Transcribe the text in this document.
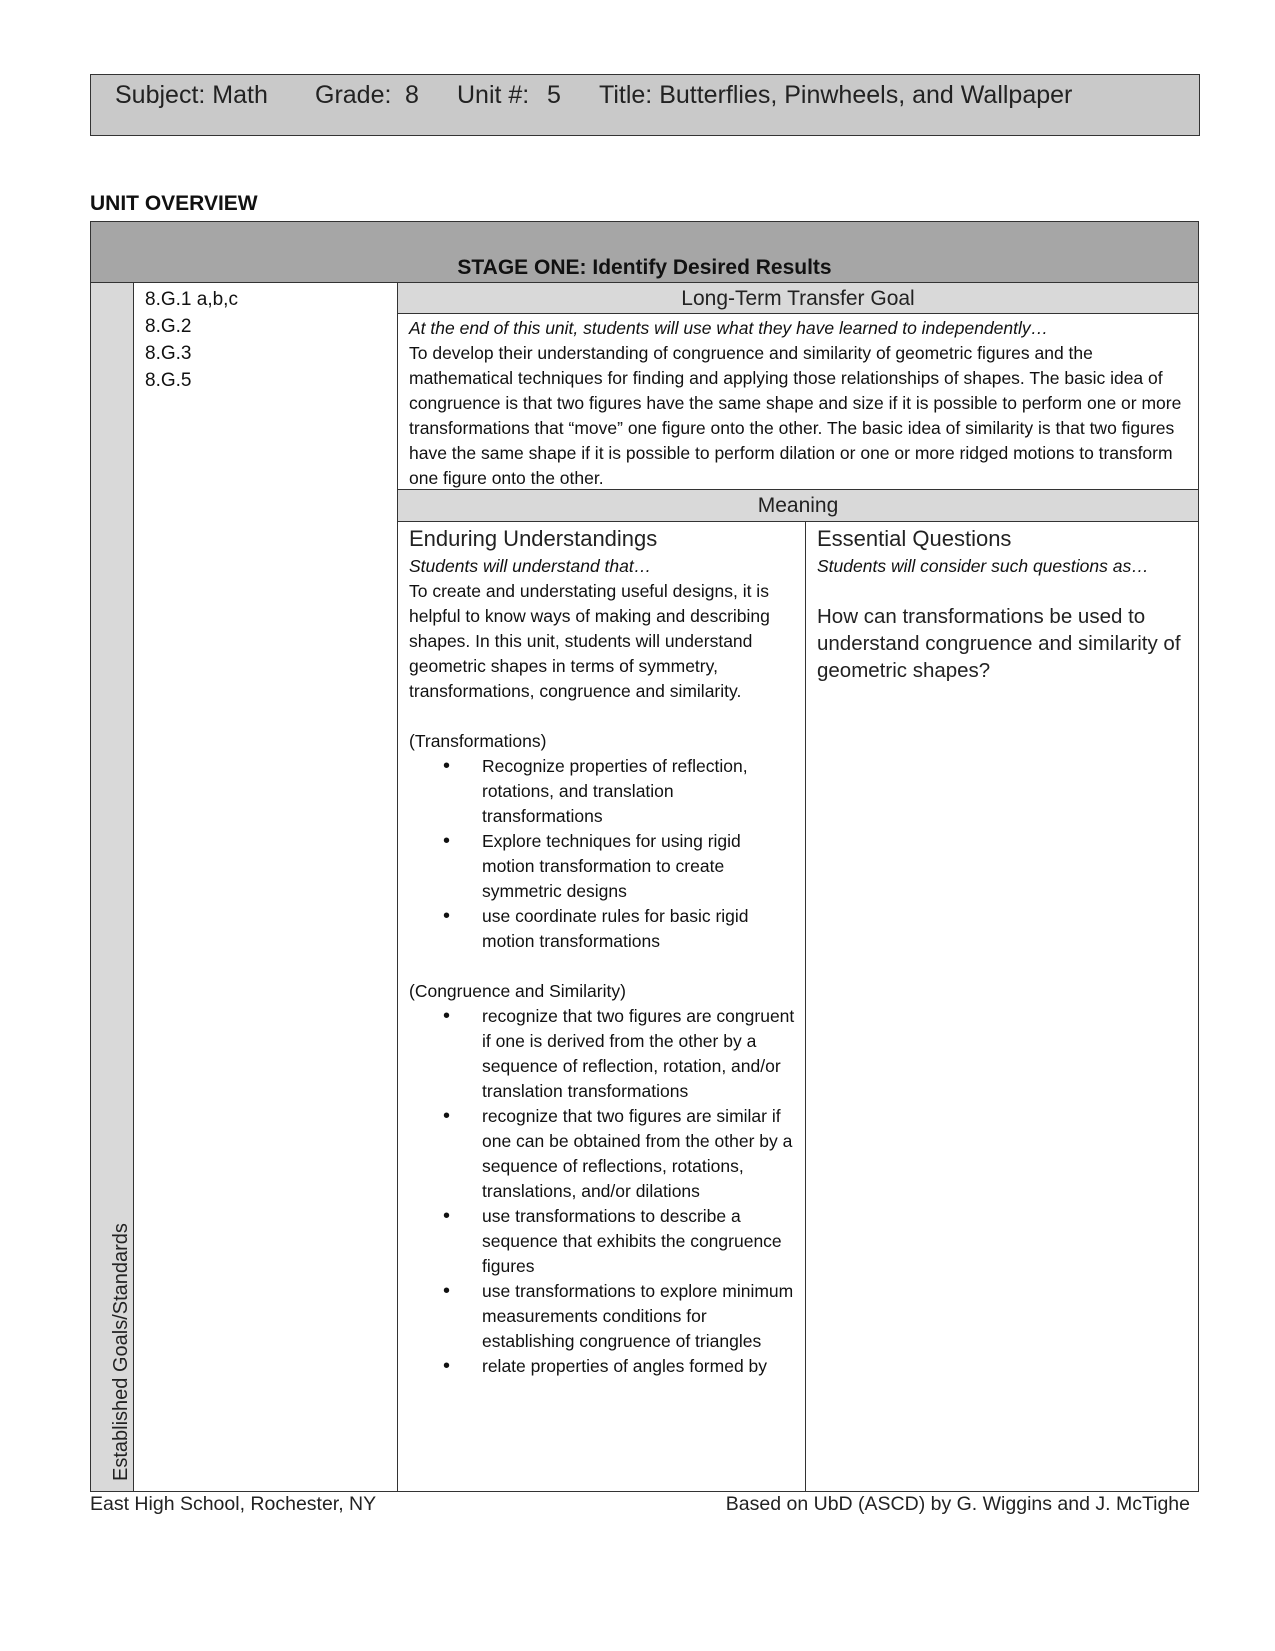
Subject: Math	Grade: 8	Unit #: 5	Title: Butterflies, Pinwheels, and Wallpaper
UNIT OVERVIEW
STAGE ONE: Identify Desired Results
Established Goals/Standards
8.G.1 a,b,c
8.G.2
8.G.3
8.G.5
Long-Term Transfer Goal
At the end of this unit, students will use what they have learned to independently…
To develop their understanding of congruence and similarity of geometric figures and the mathematical techniques for finding and applying those relationships of shapes. The basic idea of congruence is that two figures have the same shape and size if it is possible to perform one or more transformations that “move” one figure onto the other. The basic idea of similarity is that two figures have the same shape if it is possible to perform dilation or one or more ridged motions to transform one figure onto the other.
Meaning
Enduring Understandings
Students will understand that…
To create and understating useful designs, it is helpful to know ways of making and describing shapes. In this unit, students will understand geometric shapes in terms of symmetry, transformations, congruence and similarity.
(Transformations)
• Recognize properties of reflection, rotations, and translation transformations
• Explore techniques for using rigid motion transformation to create symmetric designs
• use coordinate rules for basic rigid motion transformations
(Congruence and Similarity)
• recognize that two figures are congruent if one is derived from the other by a sequence of reflection, rotation, and/or translation transformations
• recognize that two figures are similar if one can be obtained from the other by a sequence of reflections, rotations, translations, and/or dilations
• use transformations to describe a sequence that exhibits the congruence figures
• use transformations to explore minimum measurements conditions for establishing congruence of triangles
• relate properties of angles formed by
Essential Questions
Students will consider such questions as…
How can transformations be used to understand congruence and similarity of geometric shapes?
East High School, Rochester, NY	Based on UbD (ASCD) by G. Wiggins and J. McTighe
